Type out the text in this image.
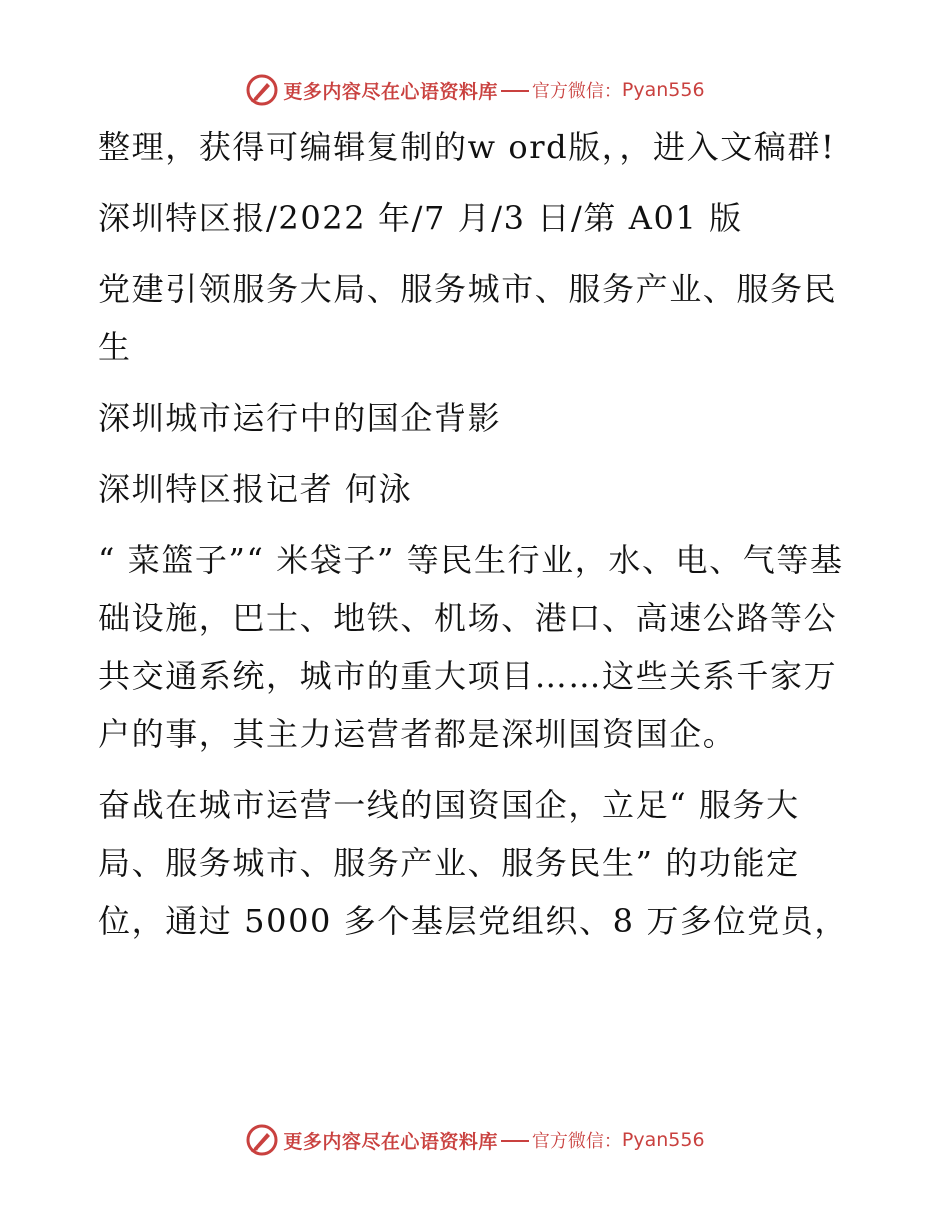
更多内容尽在心语资料库 官方微信： Pyan556

整理，获得可编辑复制的w ord版，，进入文稿群!

深圳特区报/2022 年/7 月/3 日/第 A01 版

党建引领服务大局、服务城市、服务产业、服务民生

深圳城市运行中的国企背影

深圳特区报记者 何泳

“ 菜篮子”“ 米袋子” 等民生行业，水、电、气等基础设施，巴士、地铁、机场、港口、高速公路等公共交通系统，城市的重大项目……这些关系千家万户的事，其主力运营者都是深圳国资国企。

奋战在城市运营一线的国资国企，立足“ 服务大局、服务城市、服务产业、服务民生” 的功能定位，通过 5000 多个基层党组织、8 万多位党员，

更多内容尽在心语资料库 官方微信： Pyan556
